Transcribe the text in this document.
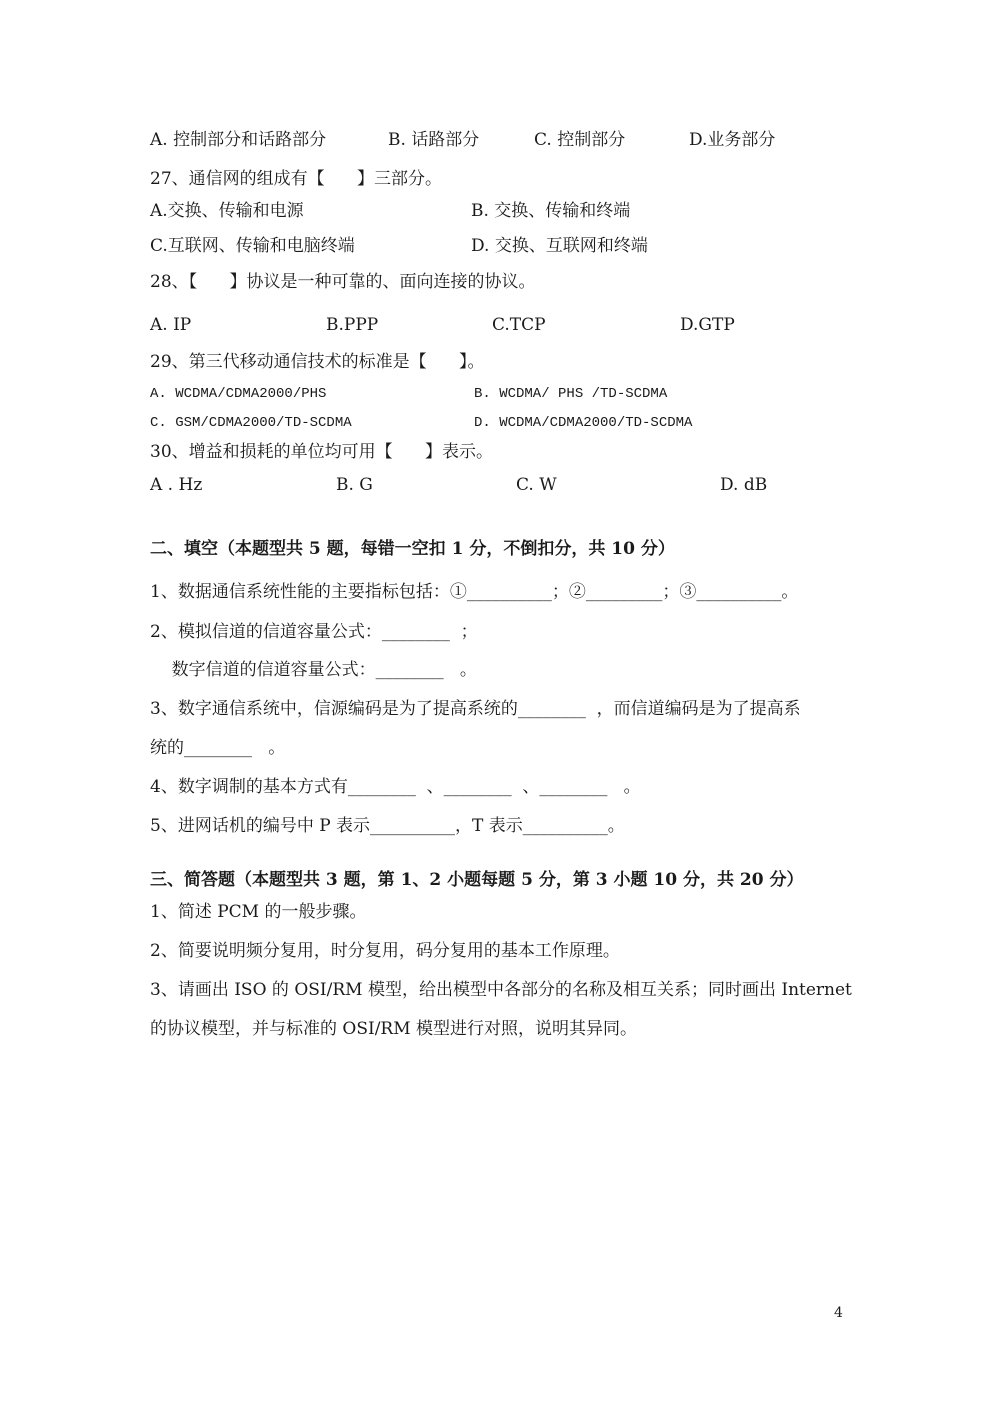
A. 控制部分和话路部分	B. 话路部分	C. 控制部分	D.业务部分
27、通信网的组成有【      】三部分。
A.交换、传输和电源	B. 交换、传输和终端
C.互联网、传输和电脑终端	D. 交换、互联网和终端
28、【      】协议是一种可靠的、面向连接的协议。
A. IP	B.PPP	C.TCP	D.GTP
29、第三代移动通信技术的标准是【      】。
A. WCDMA/CDMA2000/PHS	B. WCDMA/ PHS /TD-SCDMA
C. GSM/CDMA2000/TD-SCDMA	D. WCDMA/CDMA2000/TD-SCDMA
30、增益和损耗的单位均可用【      】表示。
A . Hz	B. G	C. W	D. dB
二、填空（本题型共 5 题，每错一空扣 1 分，不倒扣分，共 10 分）
1、数据通信系统性能的主要指标包括：①__________；②_________；③__________。
2、模拟信道的信道容量公式：________  ；
数字信道的信道容量公式：________   。
3、数字通信系统中，信源编码是为了提高系统的________  ，而信道编码是为了提高系
统的________   。
4、数字调制的基本方式有________  、________  、________   。
5、进网话机的编号中 P 表示__________，T 表示__________。
三、简答题（本题型共 3 题，第 1、2 小题每题 5 分，第 3 小题 10 分，共 20 分）
1、简述 PCM 的一般步骤。
2、简要说明频分复用，时分复用，码分复用的基本工作原理。
3、请画出 ISO 的 OSI/RM 模型，给出模型中各部分的名称及相互关系；同时画出 Internet
的协议模型，并与标准的 OSI/RM 模型进行对照，说明其异同。
4
